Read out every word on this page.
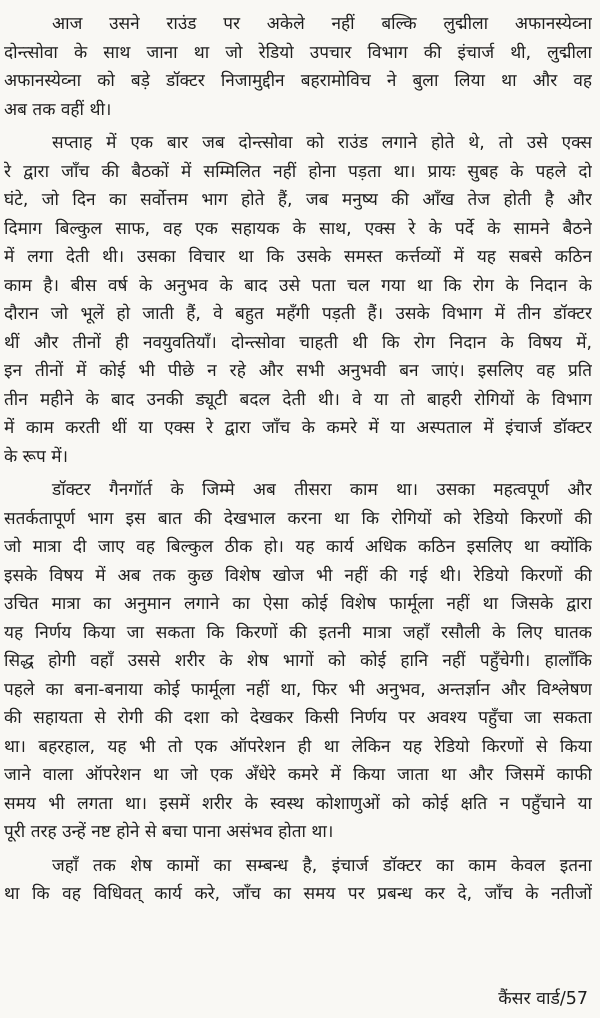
आज उसने राउंड पर अकेले नहीं बल्कि लुद्मीला अफानस्येव्ना
दोन्त्सोवा के साथ जाना था जो रेडियो उपचार विभाग की इंचार्ज थी, लुद्मीला
अफानस्येव्ना को बड़े डॉक्टर निजामुद्दीन बहरामोविच ने बुला लिया था और वह
अब तक वहीं थी।
सप्ताह में एक बार जब दोन्त्सोवा को राउंड लगाने होते थे, तो उसे एक्स
रे द्वारा जाँच की बैठकों में सम्मिलित नहीं होना पड़ता था। प्रायः सुबह के पहले दो
घंटे, जो दिन का सर्वोत्तम भाग होते हैं, जब मनुष्य की आँख तेज होती है और
दिमाग बिल्कुल साफ, वह एक सहायक के साथ, एक्स रे के पर्दे के सामने बैठने
में लगा देती थी। उसका विचार था कि उसके समस्त कर्त्तव्यों में यह सबसे कठिन
काम है। बीस वर्ष के अनुभव के बाद उसे पता चल गया था कि रोग के निदान के
दौरान जो भूलें हो जाती हैं, वे बहुत महँगी पड़ती हैं। उसके विभाग में तीन डॉक्टर
थीं और तीनों ही नवयुवतियाँ। दोन्त्सोवा चाहती थी कि रोग निदान के विषय में,
इन तीनों में कोई भी पीछे न रहे और सभी अनुभवी बन जाएं। इसलिए वह प्रति
तीन महीने के बाद उनकी ड्यूटी बदल देती थी। वे या तो बाहरी रोगियों के विभाग
में काम करती थीं या एक्स रे द्वारा जाँच के कमरे में या अस्पताल में इंचार्ज डॉक्टर
के रूप में।
डॉक्टर गैनगॉर्त के जिम्मे अब तीसरा काम था। उसका महत्वपूर्ण और
सतर्कतापूर्ण भाग इस बात की देखभाल करना था कि रोगियों को रेडियो किरणों की
जो मात्रा दी जाए वह बिल्कुल ठीक हो। यह कार्य अधिक कठिन इसलिए था क्योंकि
इसके विषय में अब तक कुछ विशेष खोज भी नहीं की गई थी। रेडियो किरणों की
उचित मात्रा का अनुमान लगाने का ऐसा कोई विशेष फार्मूला नहीं था जिसके द्वारा
यह निर्णय किया जा सकता कि किरणों की इतनी मात्रा जहाँ रसौली के लिए घातक
सिद्ध होगी वहाँ उससे शरीर के शेष भागों को कोई हानि नहीं पहुँचेगी। हालाँकि
पहले का बना-बनाया कोई फार्मूला नहीं था, फिर भी अनुभव, अन्तर्ज्ञान और विश्लेषण
की सहायता से रोगी की दशा को देखकर किसी निर्णय पर अवश्य पहुँचा जा सकता
था। बहरहाल, यह भी तो एक ऑपरेशन ही था लेकिन यह रेडियो किरणों से किया
जाने वाला ऑपरेशन था जो एक अँधेरे कमरे में किया जाता था और जिसमें काफी
समय भी लगता था। इसमें शरीर के स्वस्थ कोशाणुओं को कोई क्षति न पहुँचाने या
पूरी तरह उन्हें नष्ट होने से बचा पाना असंभव होता था।
जहाँ तक शेष कामों का सम्बन्ध है, इंचार्ज डॉक्टर का काम केवल इतना
था कि वह विधिवत् कार्य करे, जाँच का समय पर प्रबन्ध कर दे, जाँच के नतीजों
कैंसर वार्ड/57
